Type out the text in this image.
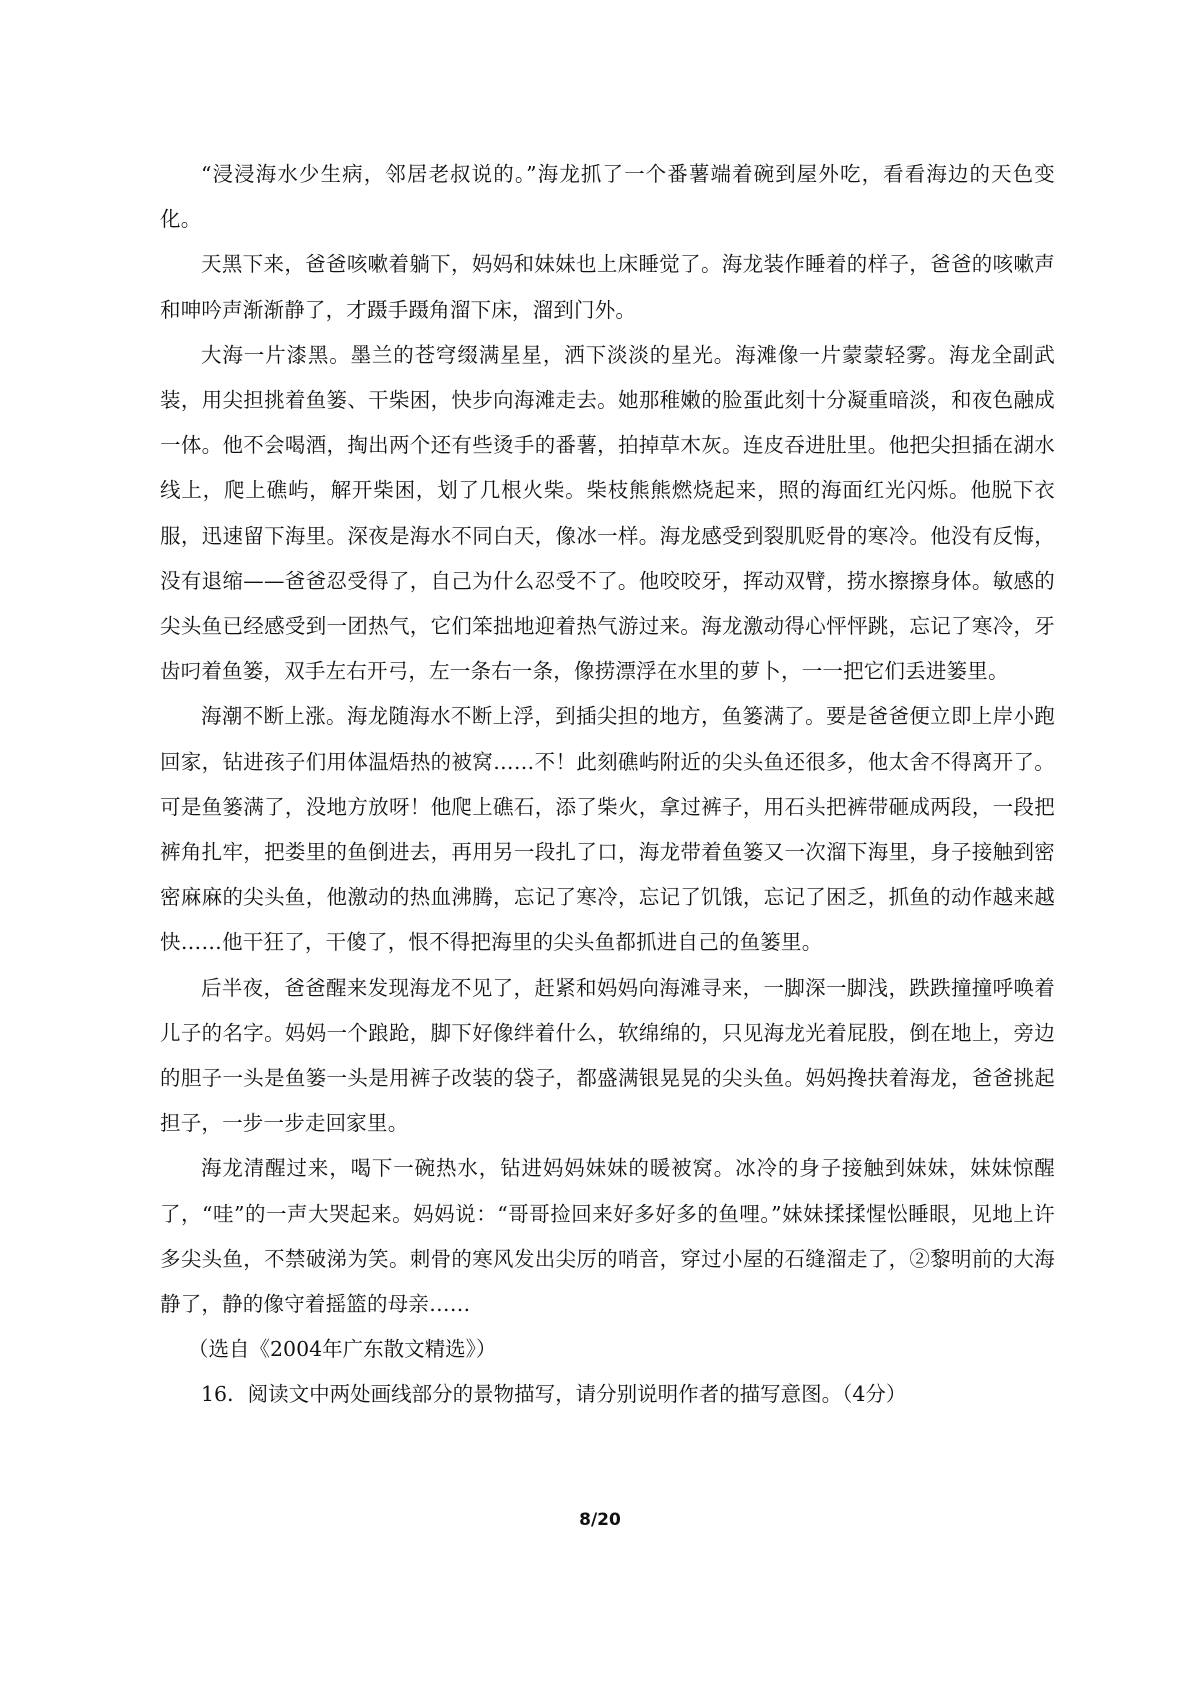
“浸浸海水少生病，邻居老叔说的。”海龙抓了一个番薯端着碗到屋外吃，看看海边的天色变化。

天黑下来，爸爸咳嗽着躺下，妈妈和妹妹也上床睡觉了。海龙装作睡着的样子，爸爸的咳嗽声和呻吟声渐渐静了，才蹑手蹑角溜下床，溜到门外。

大海一片漆黑。墨兰的苍穹缀满星星，洒下淡淡的星光。海滩像一片蒙蒙轻雾。海龙全副武装，用尖担挑着鱼篓、干柴困，快步向海滩走去。她那稚嫩的脸蛋此刻十分凝重暗淡，和夜色融成一体。他不会喝酒，掏出两个还有些烫手的番薯，拍掉草木灰。连皮吞进肚里。他把尖担插在湖水线上，爬上礁屿，解开柴困，划了几根火柴。柴枝熊熊燃烧起来，照的海面红光闪烁。他脱下衣服，迅速留下海里。深夜是海水不同白天，像冰一样。海龙感受到裂肌贬骨的寒冷。他没有反悔，没有退缩——爸爸忍受得了，自己为什么忍受不了。他咬咬牙，挥动双臂，捞水擦擦身体。敏感的尖头鱼已经感受到一团热气，它们笨拙地迎着热气游过来。海龙激动得心怦怦跳，忘记了寒冷，牙齿叼着鱼篓，双手左右开弓，左一条右一条，像捞漂浮在水里的萝卜，一一把它们丢进篓里。

海潮不断上涨。海龙随海水不断上浮，到插尖担的地方，鱼篓满了。要是爸爸便立即上岸小跑回家，钻进孩子们用体温焐热的被窝……不！此刻礁屿附近的尖头鱼还很多，他太舍不得离开了。可是鱼篓满了，没地方放呀！他爬上礁石，添了柴火，拿过裤子，用石头把裤带砸成两段，一段把裤角扎牢，把娄里的鱼倒进去，再用另一段扎了口，海龙带着鱼篓又一次溜下海里，身子接触到密密麻麻的尖头鱼，他激动的热血沸腾，忘记了寒冷，忘记了饥饿，忘记了困乏，抓鱼的动作越来越快……他干狂了，干傻了，恨不得把海里的尖头鱼都抓进自己的鱼篓里。

后半夜，爸爸醒来发现海龙不见了，赶紧和妈妈向海滩寻来，一脚深一脚浅，跌跌撞撞呼唤着儿子的名字。妈妈一个踉跄，脚下好像绊着什么，软绵绵的，只见海龙光着屁股，倒在地上，旁边的胆子一头是鱼篓一头是用裤子改装的袋子，都盛满银晃晃的尖头鱼。妈妈搀扶着海龙，爸爸挑起担子，一步一步走回家里。

海龙清醒过来，喝下一碗热水，钻进妈妈妹妹的暖被窝。冰冷的身子接触到妹妹，妹妹惊醒了，“哇”的一声大哭起来。妈妈说：“哥哥捡回来好多好多的鱼哩。”妹妹揉揉惺忪睡眼，见地上许多尖头鱼，不禁破涕为笑。刺骨的寒风发出尖厉的哨音，穿过小屋的石缝溜走了，②黎明前的大海静了，静的像守着摇篮的母亲……

（选自《2004年广东散文精选》）

16．阅读文中两处画线部分的景物描写，请分别说明作者的描写意图。（4分）

8/20
